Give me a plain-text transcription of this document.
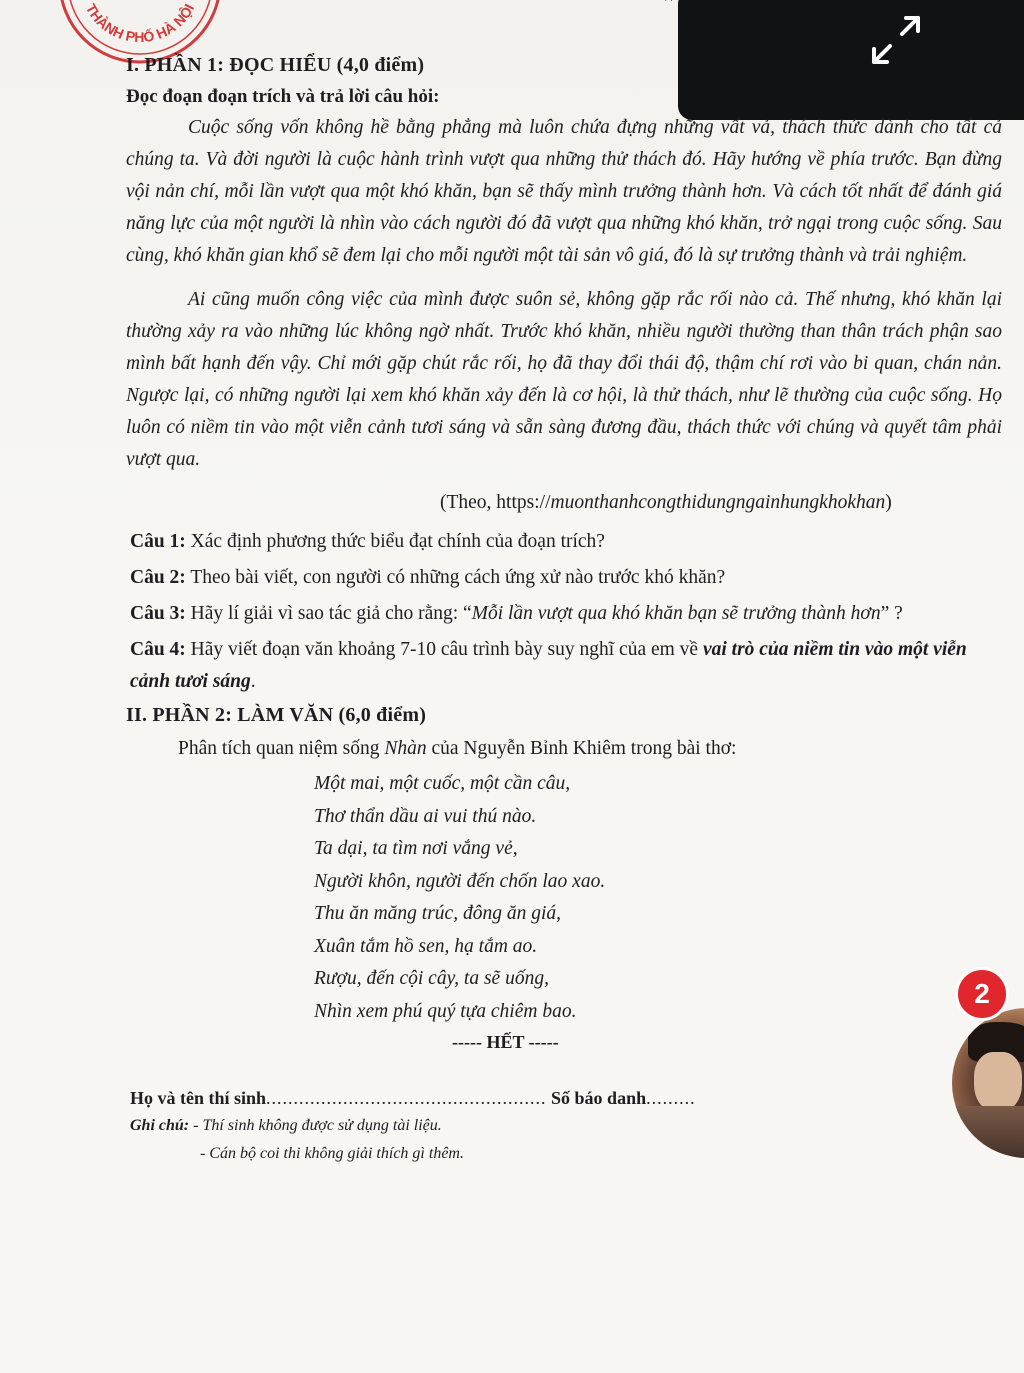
THÀNH PHỐ HÀ NỘI	· ·
I. PHẦN 1: ĐỌC HIỂU (4,0 điểm)

Đọc đoạn đoạn trích và trả lời câu hỏi:

Cuộc sống vốn không hề bằng phẳng mà luôn chứa đựng những vất vả, thách thức dành cho tất cả chúng ta. Và đời người là cuộc hành trình vượt qua những thử thách đó. Hãy hướng về phía trước. Bạn đừng vội nản chí, mỗi lần vượt qua một khó khăn, bạn sẽ thấy mình trưởng thành hơn. Và cách tốt nhất để đánh giá năng lực của một người là nhìn vào cách người đó đã vượt qua những khó khăn, trở ngại trong cuộc sống. Sau cùng, khó khăn gian khổ sẽ đem lại cho mỗi người một tài sản vô giá, đó là sự trưởng thành và trải nghiệm.

Ai cũng muốn công việc của mình được suôn sẻ, không gặp rắc rối nào cả. Thế nhưng, khó khăn lại thường xảy ra vào những lúc không ngờ nhất. Trước khó khăn, nhiều người thường than thân trách phận sao mình bất hạnh đến vậy. Chỉ mới gặp chút rắc rối, họ đã thay đổi thái độ, thậm chí rơi vào bi quan, chán nản. Ngược lại, có những người lại xem khó khăn xảy đến là cơ hội, là thử thách, như lẽ thường của cuộc sống. Họ luôn có niềm tin vào một viễn cảnh tươi sáng và sẵn sàng đương đầu, thách thức với chúng và quyết tâm phải vượt qua.

(Theo, https://muonthanhcongthidungngainhungkhokhan)

Câu 1: Xác định phương thức biểu đạt chính của đoạn trích?

Câu 2: Theo bài viết, con người có những cách ứng xử nào trước khó khăn?

Câu 3: Hãy lí giải vì sao tác giả cho rằng: “Mỗi lần vượt qua khó khăn bạn sẽ trưởng thành hơn” ?

Câu 4: Hãy viết đoạn văn khoảng 7-10 câu trình bày suy nghĩ của em về vai trò của niềm tin vào một viễn cảnh tươi sáng.

II. PHẦN 2: LÀM VĂN (6,0 điểm)

Phân tích quan niệm sống Nhàn của Nguyễn Bỉnh Khiêm trong bài thơ:

Một mai, một cuốc, một cần câu,
Thơ thẩn dầu ai vui thú nào.
Ta dại, ta tìm nơi vắng vẻ,
Người khôn, người đến chốn lao xao.
Thu ăn măng trúc, đông ăn giá,
Xuân tắm hồ sen, hạ tắm ao.
Rượu, đến cội cây, ta sẽ uống,
Nhìn xem phú quý tựa chiêm bao.
----- HẾT -----
Họ và tên thí sinh................................................... Số báo danh.........
Ghi chú: - Thí sinh không được sử dụng tài liệu.
- Cán bộ coi thi không giải thích gì thêm.
2
